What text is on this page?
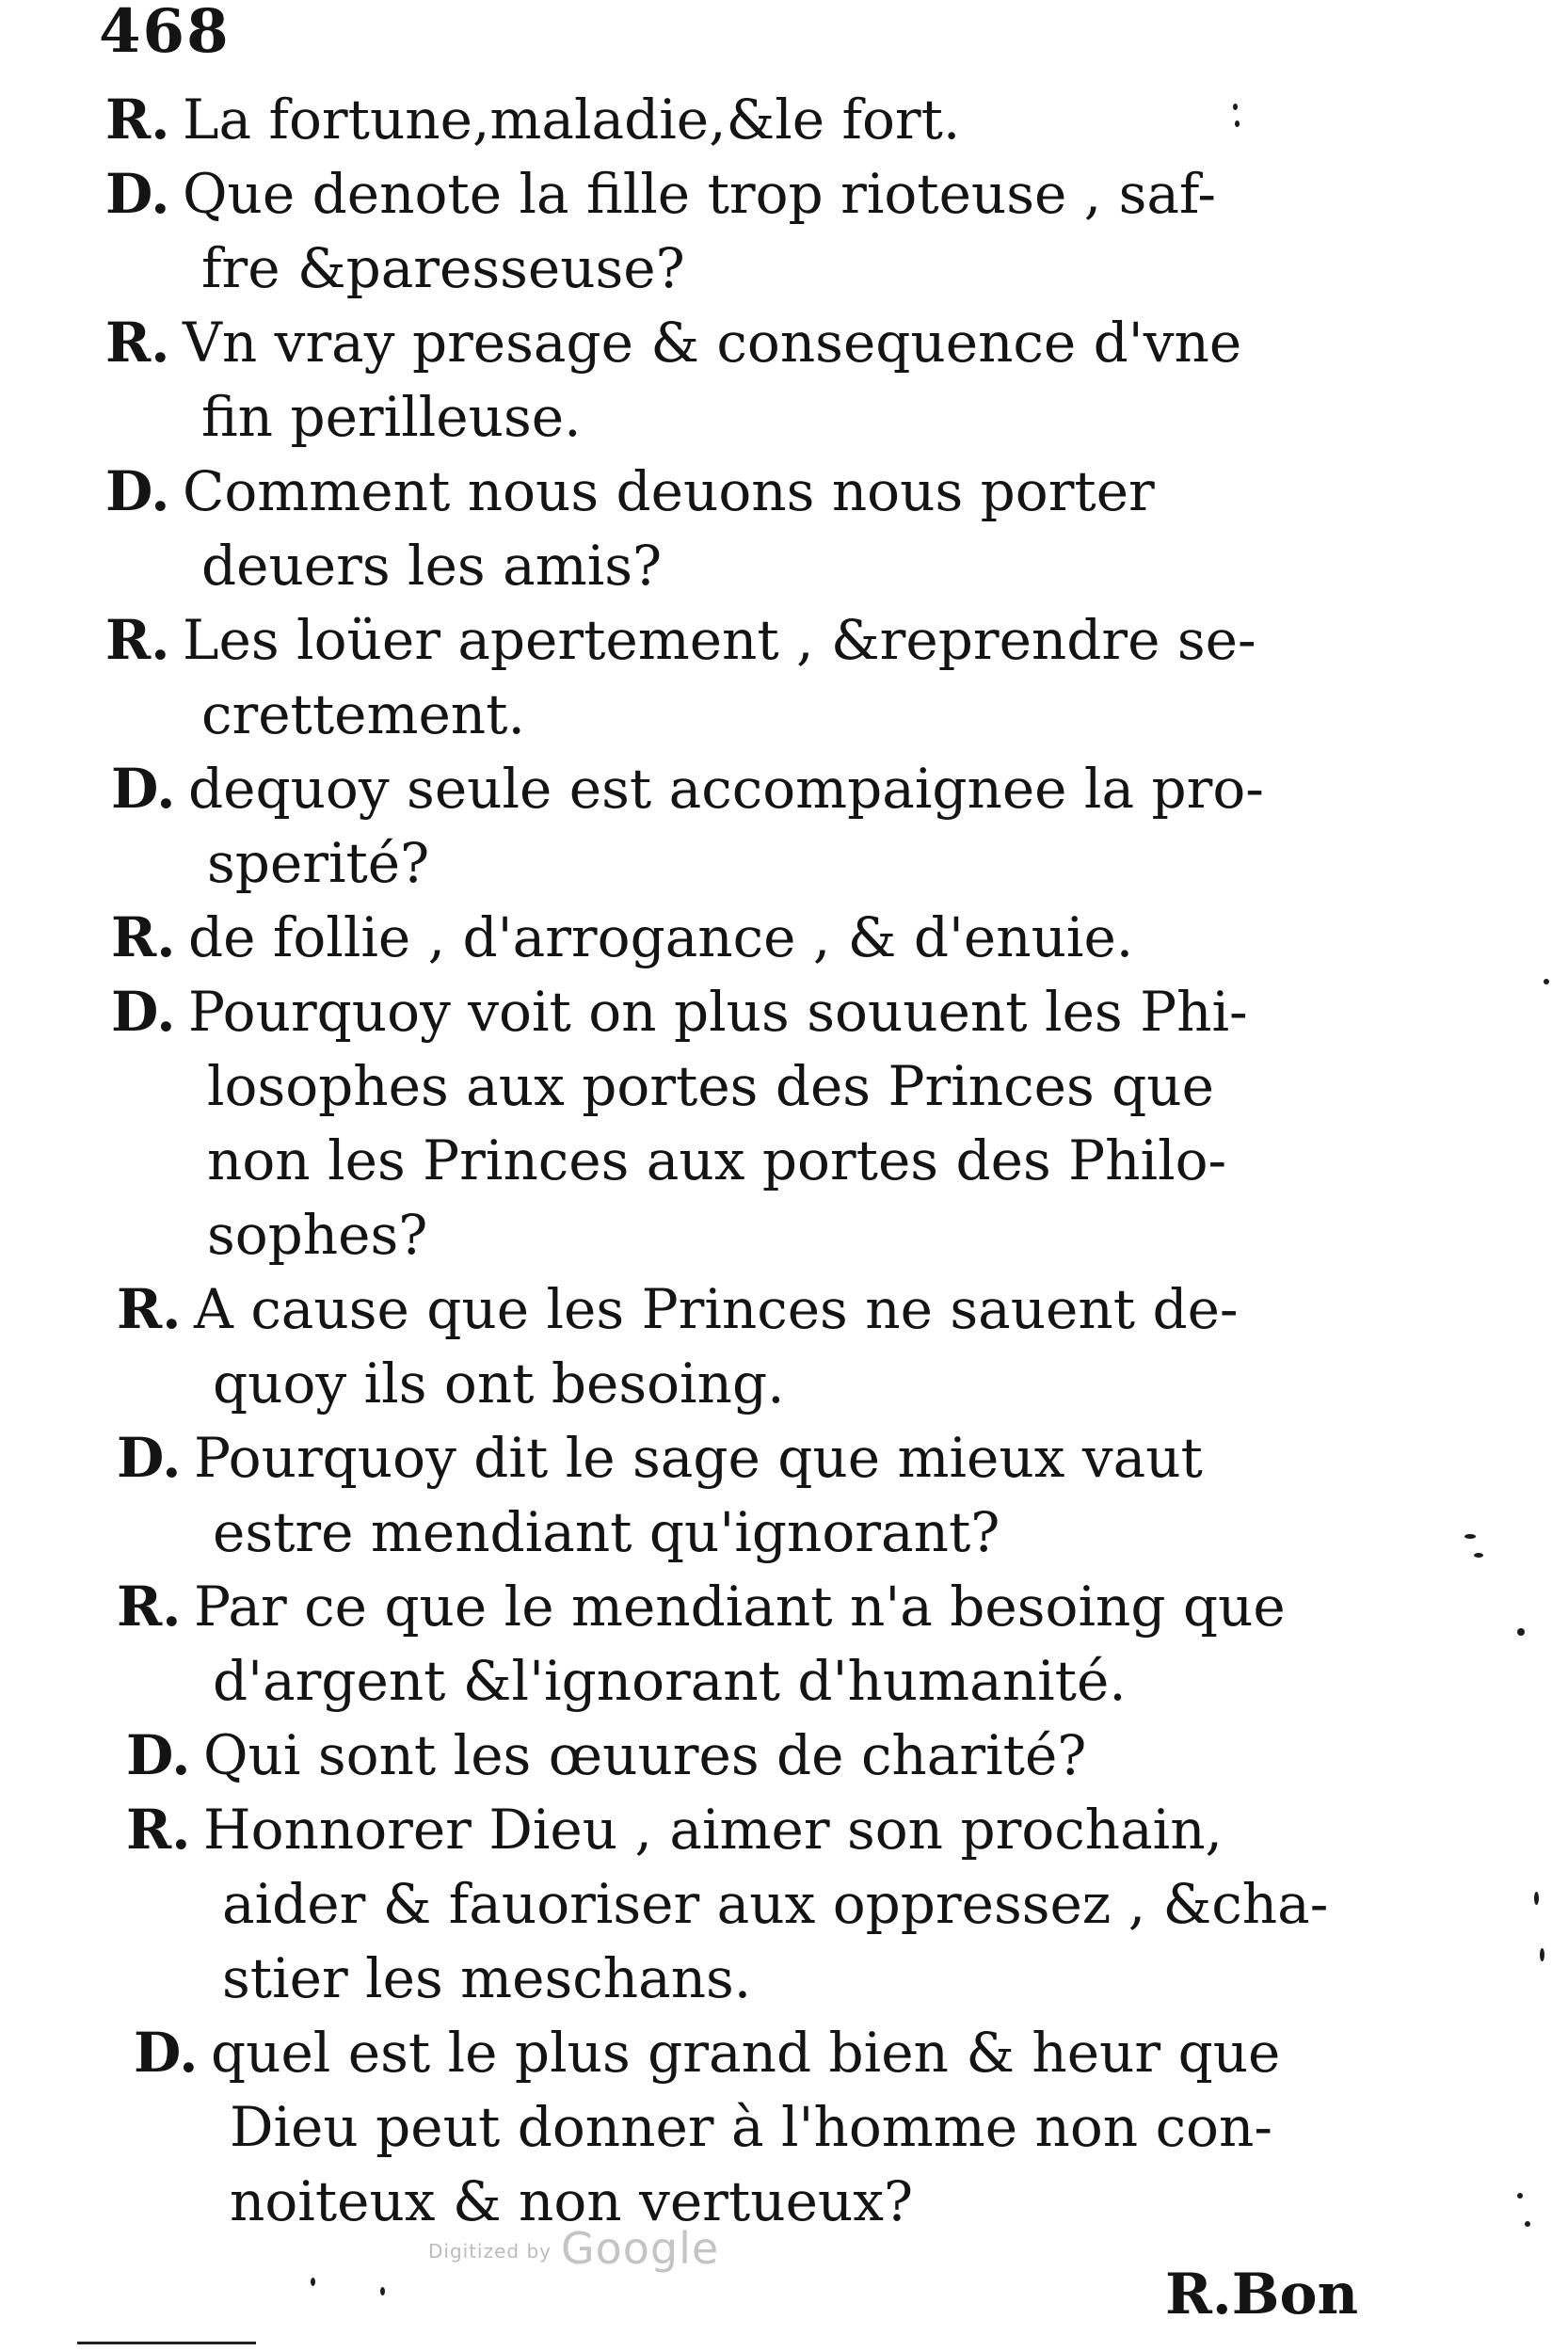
468
R. La fortune,maladie,&le fort.
D. Que denote la fille trop rioteuse , saf-
fre &paresseuse?
R. Vn vray presage & consequence d'vne
fin perilleuse.
D. Comment nous deuons nous porter
deuers les amis?
R. Les loüer apertement , &reprendre se-
crettement.
D. dequoy seule est accompaignee la pro-
sperité?
R. de follie , d'arrogance , & d'enuie.
D. Pourquoy voit on plus souuent les Phi-
losophes aux portes des Princes que
non les Princes aux portes des Philo-
sophes?
R. A cause que les Princes ne sauent de-
quoy ils ont besoing.
D. Pourquoy dit le sage que mieux vaut
estre mendiant qu'ignorant?
R. Par ce que le mendiant n'a besoing que
d'argent &l'ignorant d'humanité.
D. Qui sont les œuures de charité?
R. Honnorer Dieu , aimer son prochain,
aider & fauoriser aux oppressez , &cha-
stier les meschans.
D. quel est le plus grand bien & heur que
Dieu peut donner à l'homme non con-
noiteux & non vertueux?
Digitized by Google
R.Bon
